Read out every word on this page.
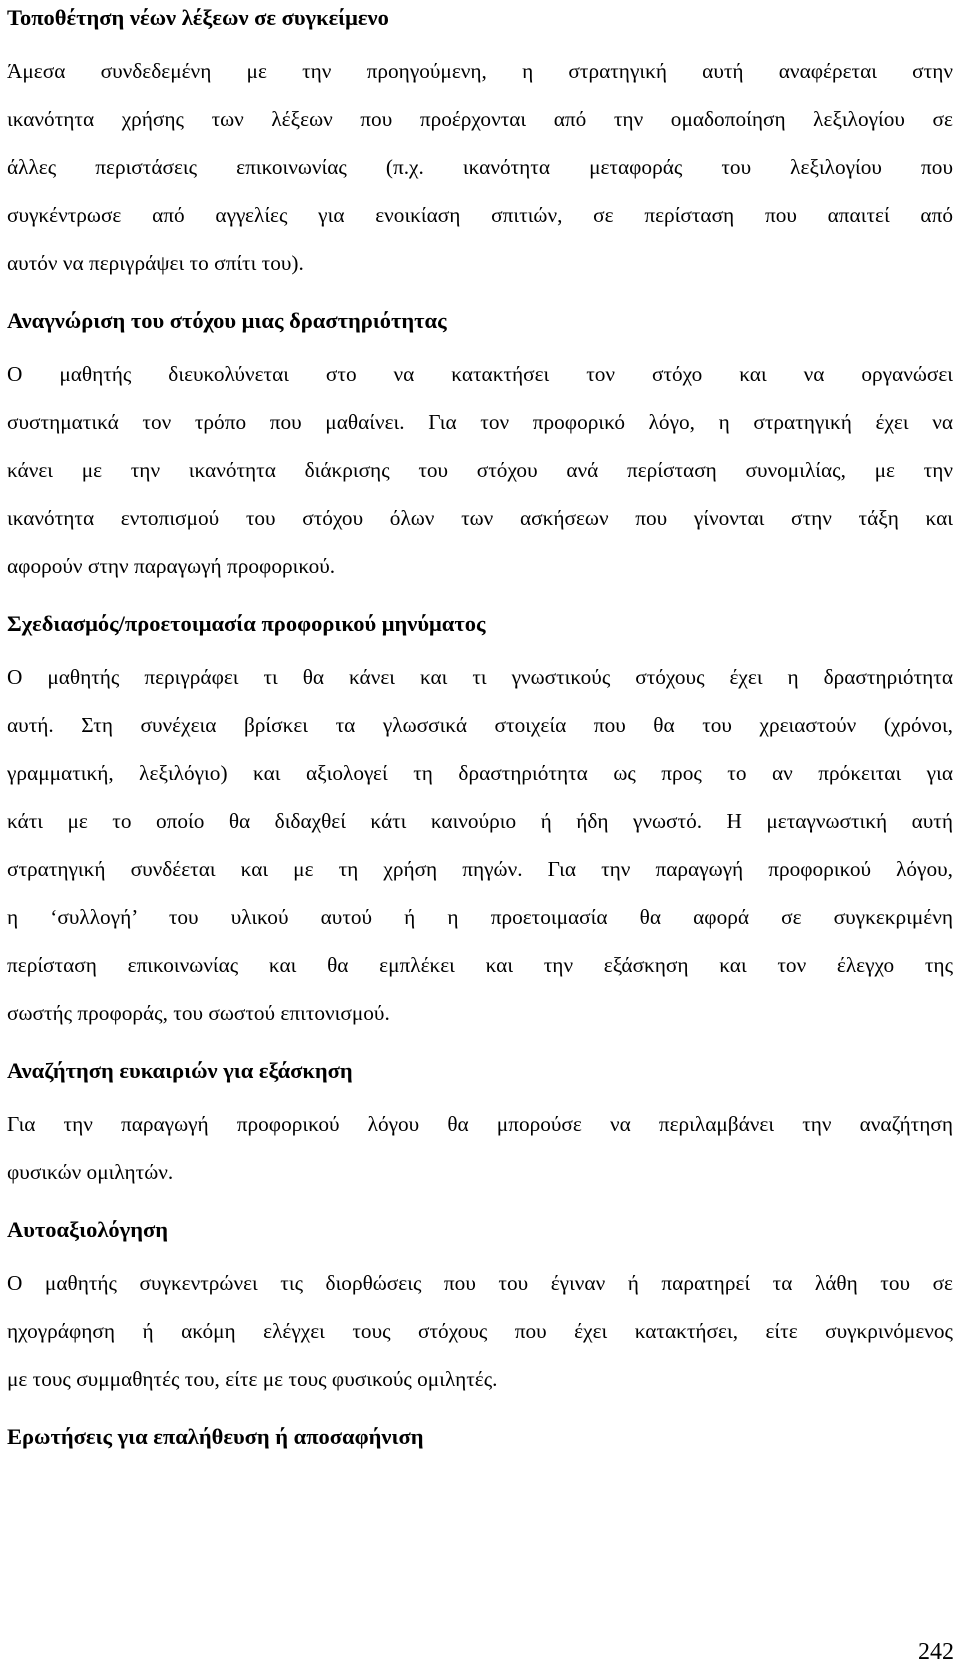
Τοποθέτηση νέων λέξεων σε συγκείμενο
Άμεσα συνδεδεμένη με την προηγούμενη, η στρατηγική αυτή αναφέρεται στην
ικανότητα χρήσης των λέξεων που προέρχονται από την ομαδοποίηση λεξιλογίου σε
άλλες περιστάσεις επικοινωνίας (π.χ. ικανότητα μεταφοράς του λεξιλογίου που
συγκέντρωσε από αγγελίες για ενοικίαση σπιτιών, σε περίσταση που απαιτεί από
αυτόν να περιγράψει το σπίτι του).
Αναγνώριση του στόχου μιας δραστηριότητας
Ο μαθητής διευκολύνεται στο να κατακτήσει τον στόχο και να οργανώσει
συστηματικά τον τρόπο που μαθαίνει. Για τον προφορικό λόγο, η στρατηγική έχει να
κάνει με την ικανότητα διάκρισης του στόχου ανά περίσταση συνομιλίας, με την
ικανότητα εντοπισμού του στόχου όλων των ασκήσεων που γίνονται στην τάξη και
αφορούν στην παραγωγή προφορικού.
Σχεδιασμός/προετοιμασία προφορικού μηνύματος
Ο μαθητής περιγράφει τι θα κάνει και τι γνωστικούς στόχους έχει η δραστηριότητα
αυτή. Στη συνέχεια βρίσκει τα γλωσσικά στοιχεία που θα του χρειαστούν (χρόνοι,
γραμματική, λεξιλόγιο) και αξιολογεί τη δραστηριότητα ως προς το αν πρόκειται για
κάτι με το οποίο θα διδαχθεί κάτι καινούριο ή ήδη γνωστό. Η μεταγνωστική αυτή
στρατηγική συνδέεται και με τη χρήση πηγών. Για την παραγωγή προφορικού λόγου,
η ‘συλλογή’ του υλικού αυτού ή η προετοιμασία θα αφορά σε συγκεκριμένη
περίσταση επικοινωνίας και θα εμπλέκει και την εξάσκηση και τον έλεγχο της
σωστής προφοράς, του σωστού επιτονισμού.
Αναζήτηση ευκαιριών για εξάσκηση
Για την παραγωγή προφορικού λόγου θα μπορούσε να περιλαμβάνει την αναζήτηση
φυσικών ομιλητών.
Αυτοαξιολόγηση
Ο μαθητής συγκεντρώνει τις διορθώσεις που του έγιναν ή παρατηρεί τα λάθη του σε
ηχογράφηση ή ακόμη ελέγχει τους στόχους που έχει κατακτήσει, είτε συγκρινόμενος
με τους συμμαθητές του, είτε με τους φυσικούς ομιλητές.
Ερωτήσεις για επαλήθευση ή αποσαφήνιση
242
